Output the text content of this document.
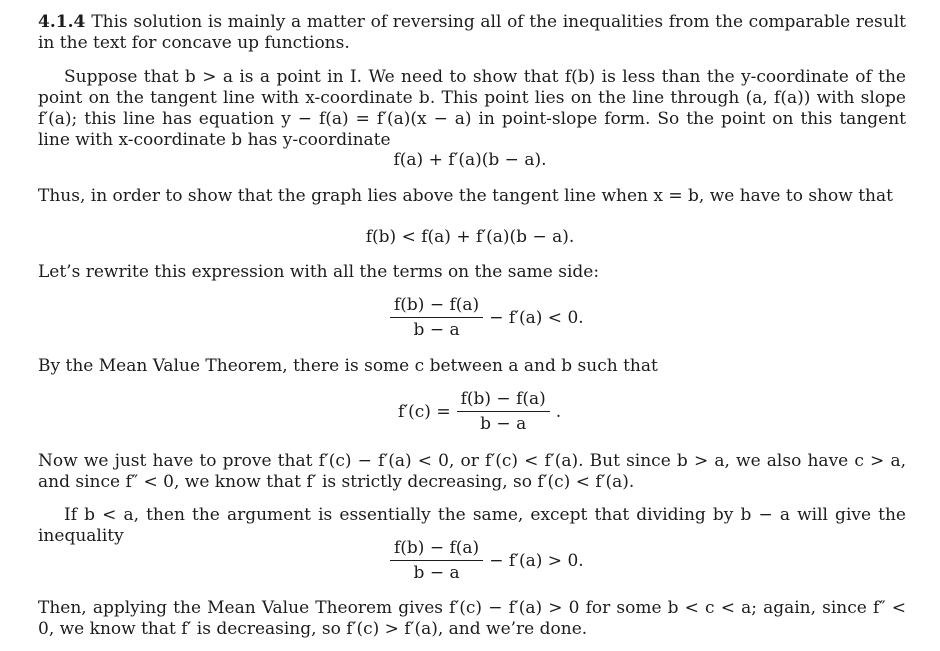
4.1.4 This solution is mainly a matter of reversing all of the inequalities from the comparable result in the text for concave up functions.
Suppose that b > a is a point in I. We need to show that f(b) is less than the y-coordinate of the point on the tangent line with x-coordinate b. This point lies on the line through (a, f(a)) with slope f′(a); this line has equation y − f(a) = f′(a)(x − a) in point-slope form. So the point on this tangent line with x-coordinate b has y-coordinate
f(a) + f′(a)(b − a).
Thus, in order to show that the graph lies above the tangent line when x = b, we have to show that
f(b) < f(a) + f′(a)(b − a).
Let’s rewrite this expression with all the terms on the same side:
$\frac{f(b) - f(a)}{b - a} - f'(a) < 0$.
By the Mean Value Theorem, there is some c between a and b such that
$f'(c) = \frac{f(b) - f(a)}{b - a}$ .
Now we just have to prove that f′(c) − f′(a) < 0, or f′(c) < f′(a). But since b > a, we also have c > a, and since f″ < 0, we know that f′ is strictly decreasing, so f′(c) < f′(a).
If b < a, then the argument is essentially the same, except that dividing by b − a will give the inequality
$\frac{f(b) - f(a)}{b - a} - f'(a) > 0$.
Then, applying the Mean Value Theorem gives f′(c) − f′(a) > 0 for some b < c < a; again, since f″ < 0, we know that f′ is decreasing, so f′(c) > f′(a), and we’re done.
